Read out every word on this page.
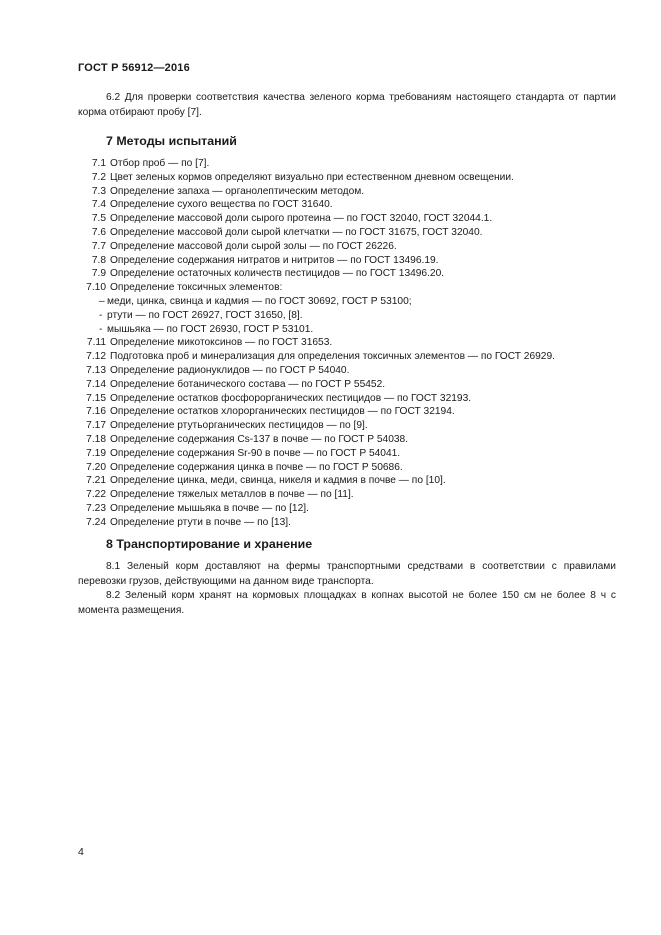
ГОСТ Р 56912—2016
6.2 Для проверки соответствия качества зеленого корма требованиям настоящего стандарта от партии корма отбирают пробу [7].
7 Методы испытаний
7.1 Отбор проб — по [7].
7.2 Цвет зеленых кормов определяют визуально при естественном дневном освещении.
7.3 Определение запаха — органолептическим методом.
7.4 Определение сухого вещества по ГОСТ 31640.
7.5 Определение массовой доли сырого протеина — по ГОСТ 32040, ГОСТ 32044.1.
7.6 Определение массовой доли сырой клетчатки — по ГОСТ 31675, ГОСТ 32040.
7.7 Определение массовой доли сырой золы — по ГОСТ 26226.
7.8 Определение содержания нитратов и нитритов — по ГОСТ 13496.19.
7.9 Определение остаточных количеств пестицидов — по ГОСТ 13496.20.
7.10 Определение токсичных элементов:
– меди, цинка, свинца и кадмия — по ГОСТ 30692, ГОСТ Р 53100;
- ртути — по ГОСТ 26927, ГОСТ 31650, [8].
- мышьяка — по ГОСТ 26930, ГОСТ Р 53101.
7.11 Определение микотоксинов — по ГОСТ 31653.
7.12 Подготовка проб и минерализация для определения токсичных элементов — по ГОСТ 26929.
7.13 Определение радионуклидов — по ГОСТ Р 54040.
7.14 Определение ботанического состава — по ГОСТ Р 55452.
7.15 Определение остатков фосфорорганических пестицидов — по ГОСТ 32193.
7.16 Определение остатков хлорорганических пестицидов — по ГОСТ 32194.
7.17 Определение ртутьорганических пестицидов — по [9].
7.18 Определение содержания Cs-137 в почве — по ГОСТ Р 54038.
7.19 Определение содержания Sr-90 в почве — по ГОСТ Р 54041.
7.20 Определение содержания цинка в почве — по ГОСТ Р 50686.
7.21 Определение цинка, меди, свинца, никеля и кадмия в почве — по [10].
7.22 Определение тяжелых металлов в почве — по [11].
7.23 Определение мышьяка в почве — по [12].
7.24 Определение ртути в почве — по [13].
8 Транспортирование и хранение
8.1 Зеленый корм доставляют на фермы транспортными средствами в соответствии с правилами перевозки грузов, действующими на данном виде транспорта.
8.2 Зеленый корм хранят на кормовых площадках в копнах высотой не более 150 см не более 8 ч с момента размещения.
4
